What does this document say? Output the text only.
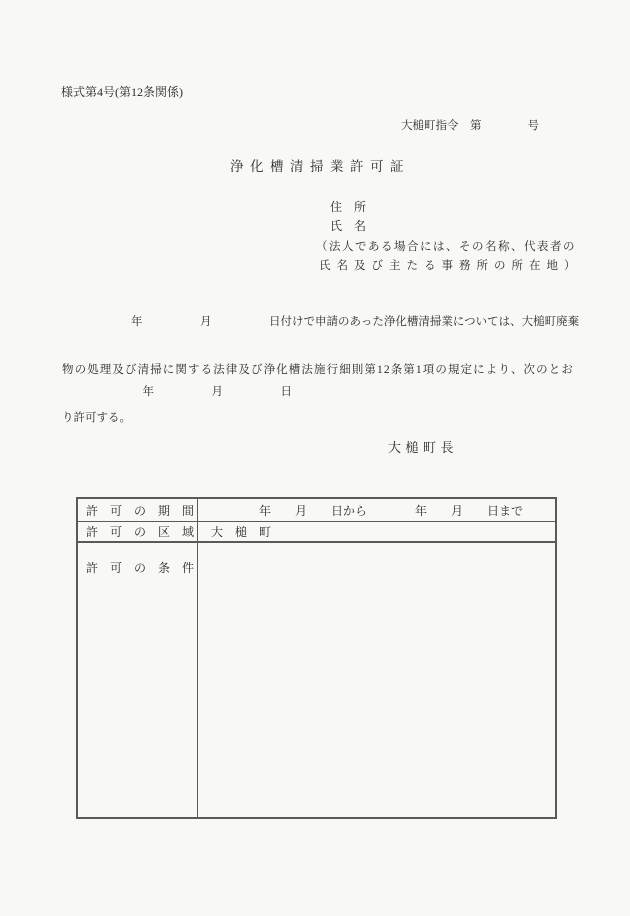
様式第4号(第12条関係)
大槌町指令　第　　　　号
浄化槽清掃業許可証
住　所
氏　名
（法人である場合には、その名称、代表者の
氏名及び主たる事務所の所在地）

　　　　　　年　　　　　月　　　　　日付けで申請のあった浄化槽清掃業については、大槌町廃棄

物の処理及び清掃に関する法律及び浄化槽法施行細則第12条第1項の規定により、次のとお

り許可する。

　　　　　　　年　　　　　月　　　　　日
大槌町長
許　可　の　期　間	　　　　年　　月　　日から　　　　年　　月　　日まで
許　可　の　区　域	大　槌　町
許　可　の　条　件
